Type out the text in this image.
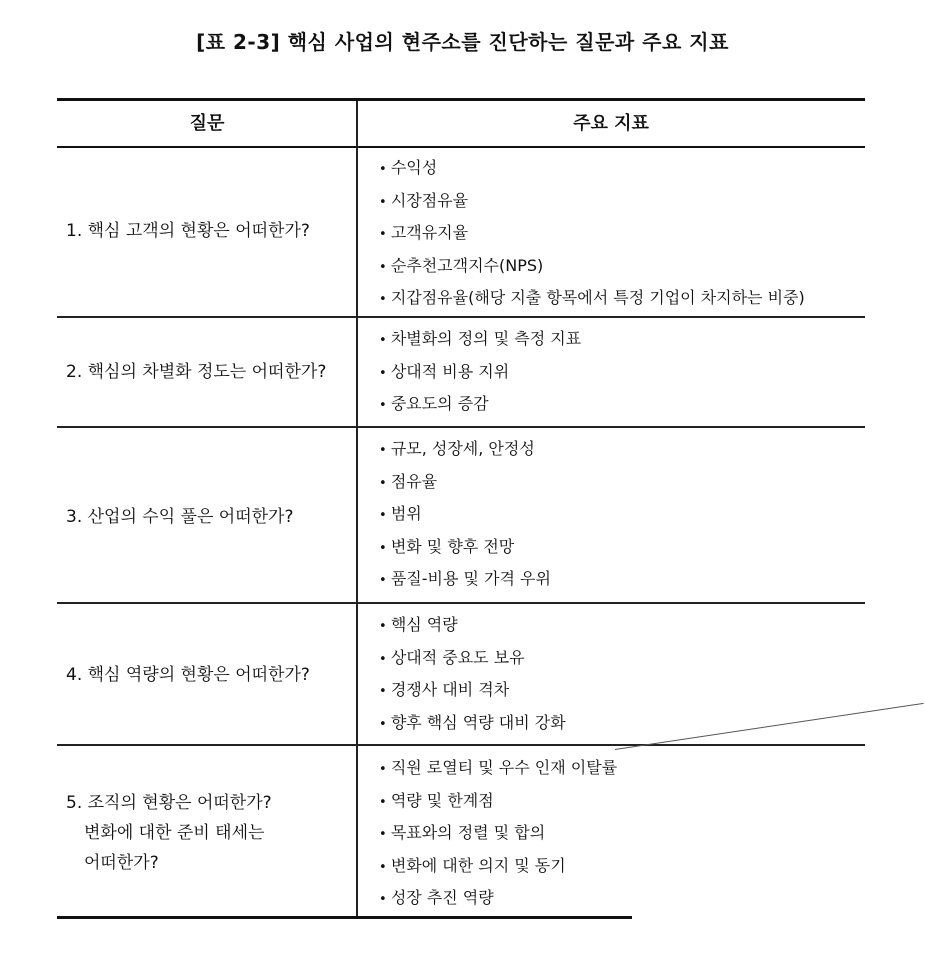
[표 2-3] 핵심 사업의 현주소를 진단하는 질문과 주요 지표
질문	주요 지표
1. 핵심 고객의 현황은 어떠한가?
• 수익성
• 시장점유율
• 고객유지율
• 순추천고객지수(NPS)
• 지갑점유율(해당 지출 항목에서 특정 기업이 차지하는 비중)
2. 핵심의 차별화 정도는 어떠한가?
• 차별화의 정의 및 측정 지표
• 상대적 비용 지위
• 중요도의 증감
3. 산업의 수익 풀은 어떠한가?
• 규모, 성장세, 안정성
• 점유율
• 범위
• 변화 및 향후 전망
• 품질-비용 및 가격 우위
4. 핵심 역량의 현황은 어떠한가?
• 핵심 역량
• 상대적 중요도 보유
• 경쟁사 대비 격차
• 향후 핵심 역량 대비 강화
5. 조직의 현황은 어떠한가?
변화에 대한 준비 태세는
어떠한가?
• 직원 로열티 및 우수 인재 이탈률
• 역량 및 한계점
• 목표와의 정렬 및 합의
• 변화에 대한 의지 및 동기
• 성장 추진 역량
